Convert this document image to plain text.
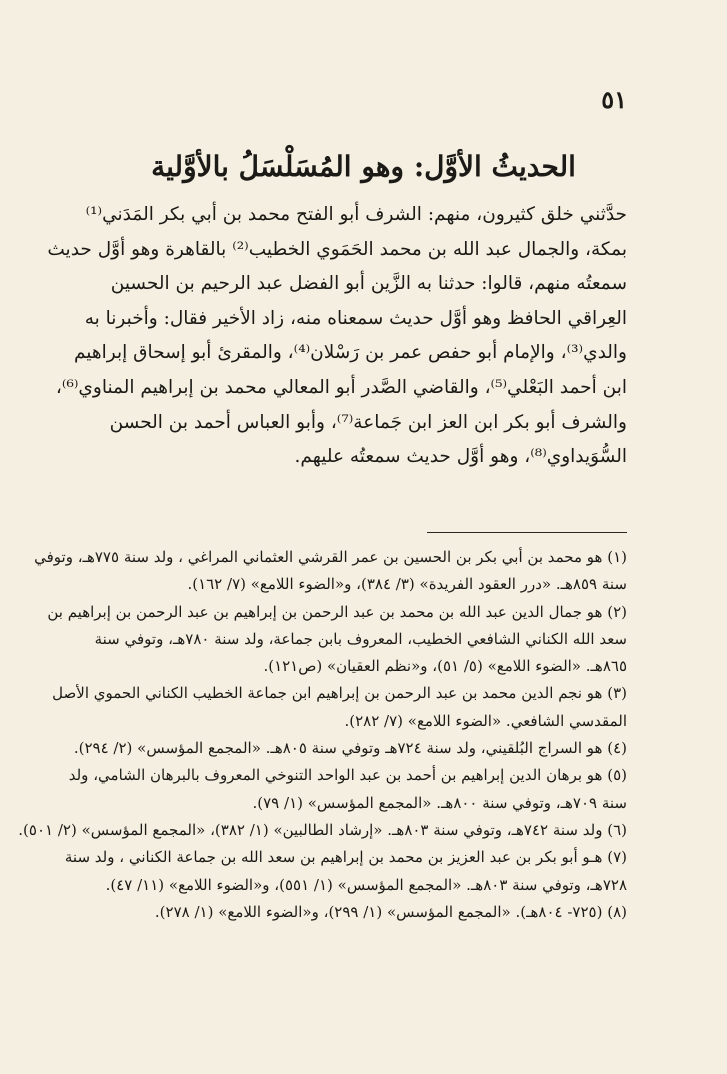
٥١
الحديثُ الأوَّل: وهو المُسَلْسَلُ بالأوَّلية
حدَّثني خلق كثيرون، منهم: الشرف أبو الفتح محمد بن أبي بكر المَدَني⁽¹⁾
بمكة، والجمال عبد الله بن محمد الحَمَوي الخطيب⁽²⁾ بالقاهرة وهو أوَّل حديث
سمعتُه منهم، قالوا: حدثنا به الزَّين أبو الفضل عبد الرحيم بن الحسين
العِراقي الحافظ وهو أوَّل حديث سمعناه منه، زاد الأخير فقال: وأخبرنا به
والدي⁽³⁾، والإمام أبو حفص عمر بن رَسْلان⁽⁴⁾، والمقرئ أبو إسحاق إبراهيم
ابن أحمد البَعْلي⁽⁵⁾، والقاضي الصَّدر أبو المعالي محمد بن إبراهيم المناوي⁽⁶⁾،
والشرف أبو بكر ابن العز ابن جَماعة⁽⁷⁾، وأبو العباس أحمد بن الحسن
السُّوَيداوي⁽⁸⁾، وهو أوَّل حديث سمعتُه عليهم.
(١) هو محمد بن أبي بكر بن الحسين بن عمر القرشي العثماني المراغي ، ولد سنة ٧٧٥هـ، وتوفي
سنة ٨٥٩هـ. «درر العقود الفريدة» (٣/ ٣٨٤)، و«الضوء اللامع» (٧/ ١٦٢).
(٢) هو جمال الدين عبد الله بن محمد بن عبد الرحمن بن إبراهيم بن عبد الرحمن بن إبراهيم بن
سعد الله الكناني الشافعي الخطيب، المعروف بابن جماعة، ولد سنة ٧٨٠هـ، وتوفي سنة
٨٦٥هـ. «الضوء اللامع» (٥/ ٥١)، و«نظم العقيان» (ص١٢١).
(٣) هو نجم الدين محمد بن عبد الرحمن بن إبراهيم ابن جماعة الخطيب الكناني الحموي الأصل
المقدسي الشافعي. «الضوء اللامع» (٧/ ٢٨٢).
(٤) هو السراج البُلقيني، ولد سنة ٧٢٤هـ وتوفي سنة ٨٠٥هـ. «المجمع المؤسس» (٢/ ٢٩٤).
(٥) هو برهان الدين إبراهيم بن أحمد بن عبد الواحد التنوخي المعروف بالبرهان الشامي، ولد
سنة ٧٠٩هـ، وتوفي سنة ٨٠٠هـ. «المجمع المؤسس» (١/ ٧٩).
(٦) ولد سنة ٧٤٢هـ، وتوفي سنة ٨٠٣هـ. «إرشاد الطالبين» (١/ ٣٨٢)، «المجمع المؤسس» (٢/ ٥٠١).
(٧) هـو أبو بكر بن عبد العزيز بن محمد بن إبراهيم بن سعد الله بن جماعة الكناني ، ولد سنة
٧٢٨هـ، وتوفي سنة ٨٠٣هـ. «المجمع المؤسس» (١/ ٥٥١)، و«الضوء اللامع» (١١/ ٤٧).
(٨) (٧٢٥- ٨٠٤هـ). «المجمع المؤسس» (١/ ٢٩٩)، و«الضوء اللامع» (١/ ٢٧٨).
